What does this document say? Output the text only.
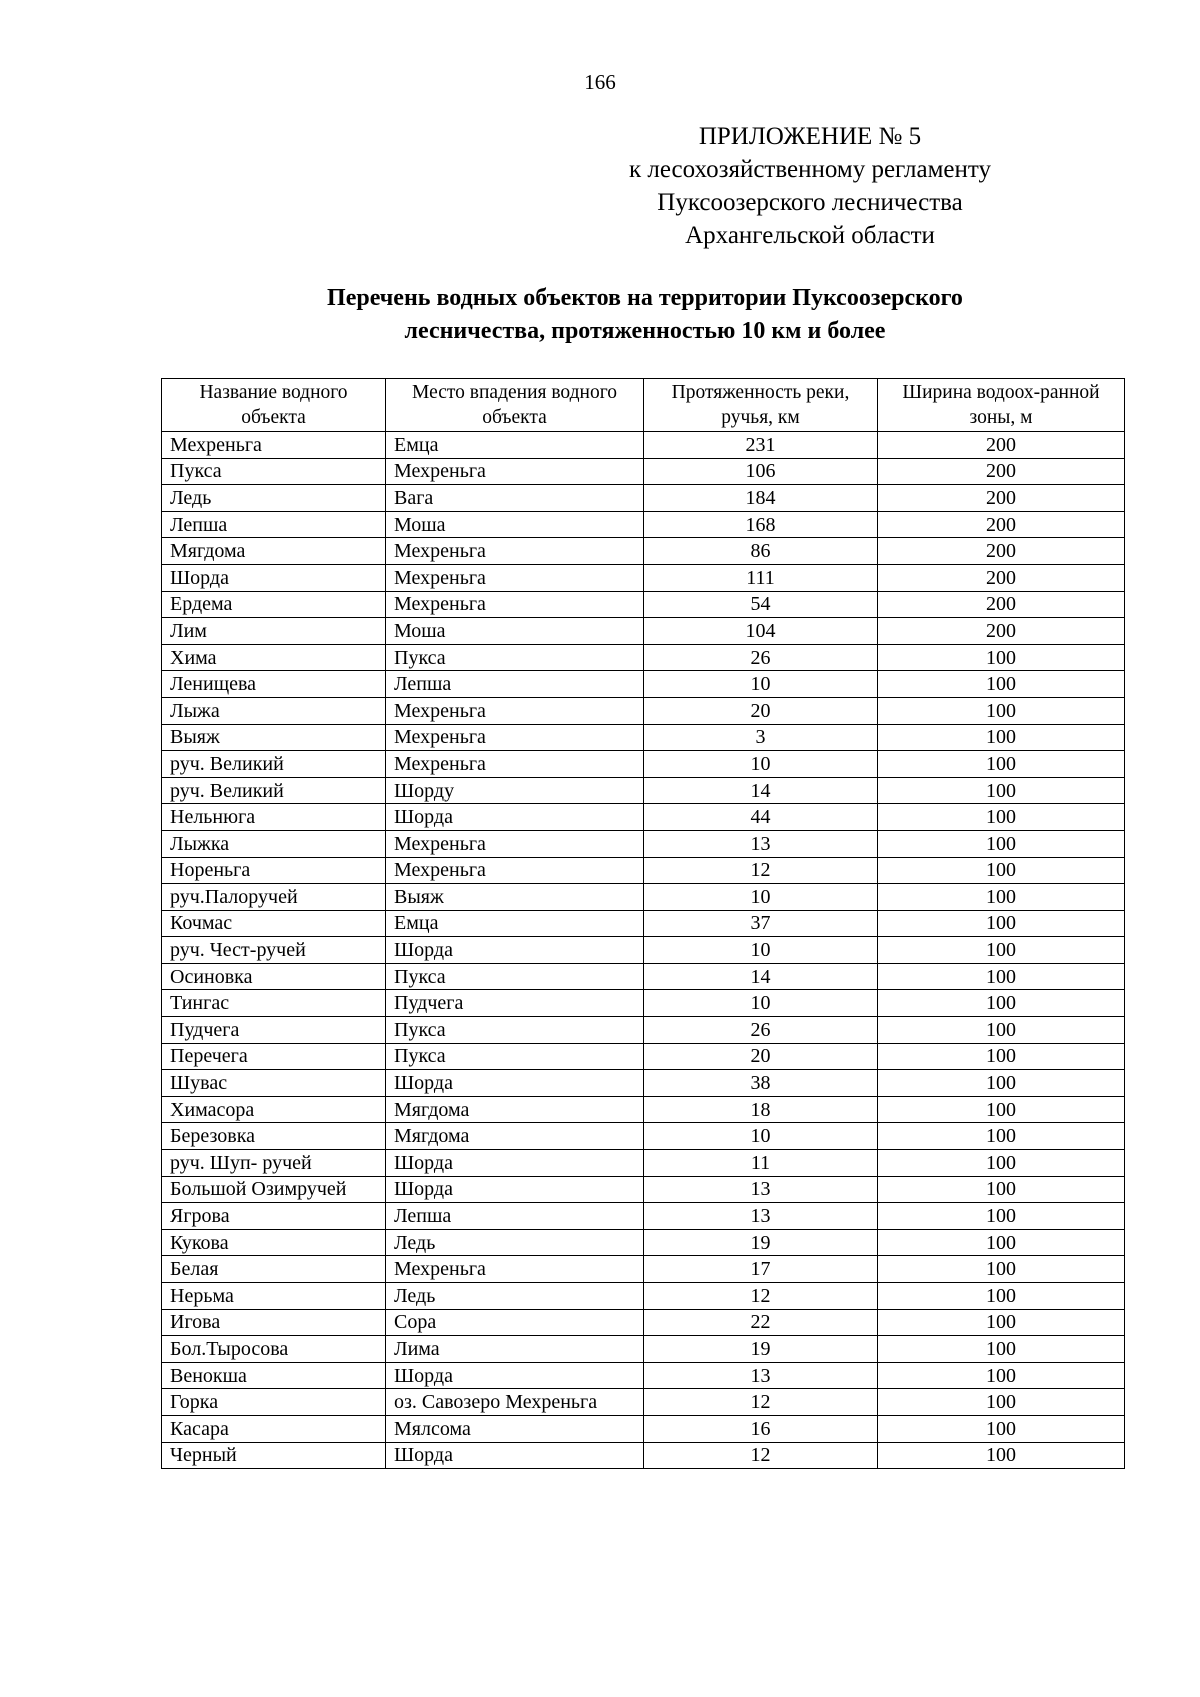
166
ПРИЛОЖЕНИЕ № 5
к лесохозяйственному регламенту
Пуксоозерского лесничества
Архангельской области
Перечень водных объектов на территории Пуксоозерского
лесничества, протяженностью 10 км и более
Название водного объекта	Место впадения водного объекта	Протяженность реки, ручья, км	Ширина водоох-ранной зоны, м
Мехреньга	Емца	231	200
Пукса	Мехреньга	106	200
Ледь	Вага	184	200
Лепша	Моша	168	200
Мягдома	Мехреньга	86	200
Шорда	Мехреньга	111	200
Ердема	Мехреньга	54	200
Лим	Моша	104	200
Хима	Пукса	26	100
Ленищева	Лепша	10	100
Лыжа	Мехреньга	20	100
Выяж	Мехреньга	3	100
руч. Великий	Мехреньга	10	100
руч. Великий	Шорду	14	100
Нельнюга	Шорда	44	100
Лыжка	Мехреньга	13	100
Нореньга	Мехреньга	12	100
руч.Палоручей	Выяж	10	100
Кочмас	Емца	37	100
руч. Чест-ручей	Шорда	10	100
Осиновка	Пукса	14	100
Тингас	Пудчега	10	100
Пудчега	Пукса	26	100
Перечега	Пукса	20	100
Шувас	Шорда	38	100
Химасора	Мягдома	18	100
Березовка	Мягдома	10	100
руч. Шуп- ручей	Шорда	11	100
Большой Озимручей	Шорда	13	100
Ягрова	Лепша	13	100
Кукова	Ледь	19	100
Белая	Мехреньга	17	100
Нерьма	Ледь	12	100
Игова	Сора	22	100
Бол.Тыросова	Лима	19	100
Венокша	Шорда	13	100
Горка	оз. Савозеро Мехреньга	12	100
Касара	Мялсома	16	100
Черный	Шорда	12	100
